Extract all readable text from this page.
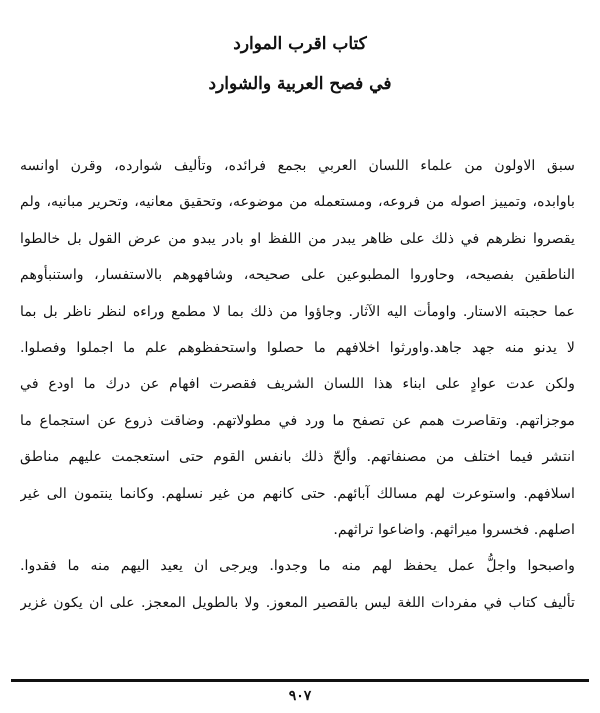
كتاب اقرب الموارد
في فصح العربية والشوارد
سبق الاولون من علماء اللسان العربي بجمع فرائده، وتأليف شوارده، وقرن اوانسه
باوابده، وتمييز اصوله من فروعه، ومستعمله من موضوعه، وتحقيق معانيه، وتحرير مبانيه، ولم
يقصروا نظرهم في ذلك على ظاهر يبدر من اللفظ او بادر يبدو من عرض القول بل خالطوا
الناطقين بفصيحه، وحاوروا المطبوعين على صحيحه، وشافهوهم بالاستفسار، واستنبأوهم
عما حجبته الاستار. واومأت اليه الآثار. وجاؤوا من ذلك بما لا مطمع وراءه لنظر ناظر بل بما
لا يدنو منه جهد جاهد.واورثوا اخلافهم ما حصلوا واستحفظوهم علم ما اجملوا وفصلوا.
ولكن عدت عوادٍ على ابناء هذا اللسان الشريف فقصرت افهام عن درك ما اودع في
موجزاتهم. وتقاصرت همم عن تصفح ما ورد في مطولاتهم. وضاقت ذروع عن استجماع ما
انتشر فيما اختلف من مصنفاتهم. وألحّ ذلك بانفس القوم حتى استعجمت عليهم مناطق
اسلافهم. واستوعرت لهم مسالك آبائهم. حتى كانهم من غير نسلهم. وكانما ينتمون الى غير
اصلهم. فخسروا ميراثهم. واضاعوا تراثهم.
واصبحوا واجلُّ عمل يحفظ لهم منه ما وجدوا. ويرجى ان يعيد اليهم منه ما فقدوا.
تأليف كتاب في مفردات اللغة ليس بالقصير المعوز. ولا بالطويل المعجز. على ان يكون غزير
٩٠٧
